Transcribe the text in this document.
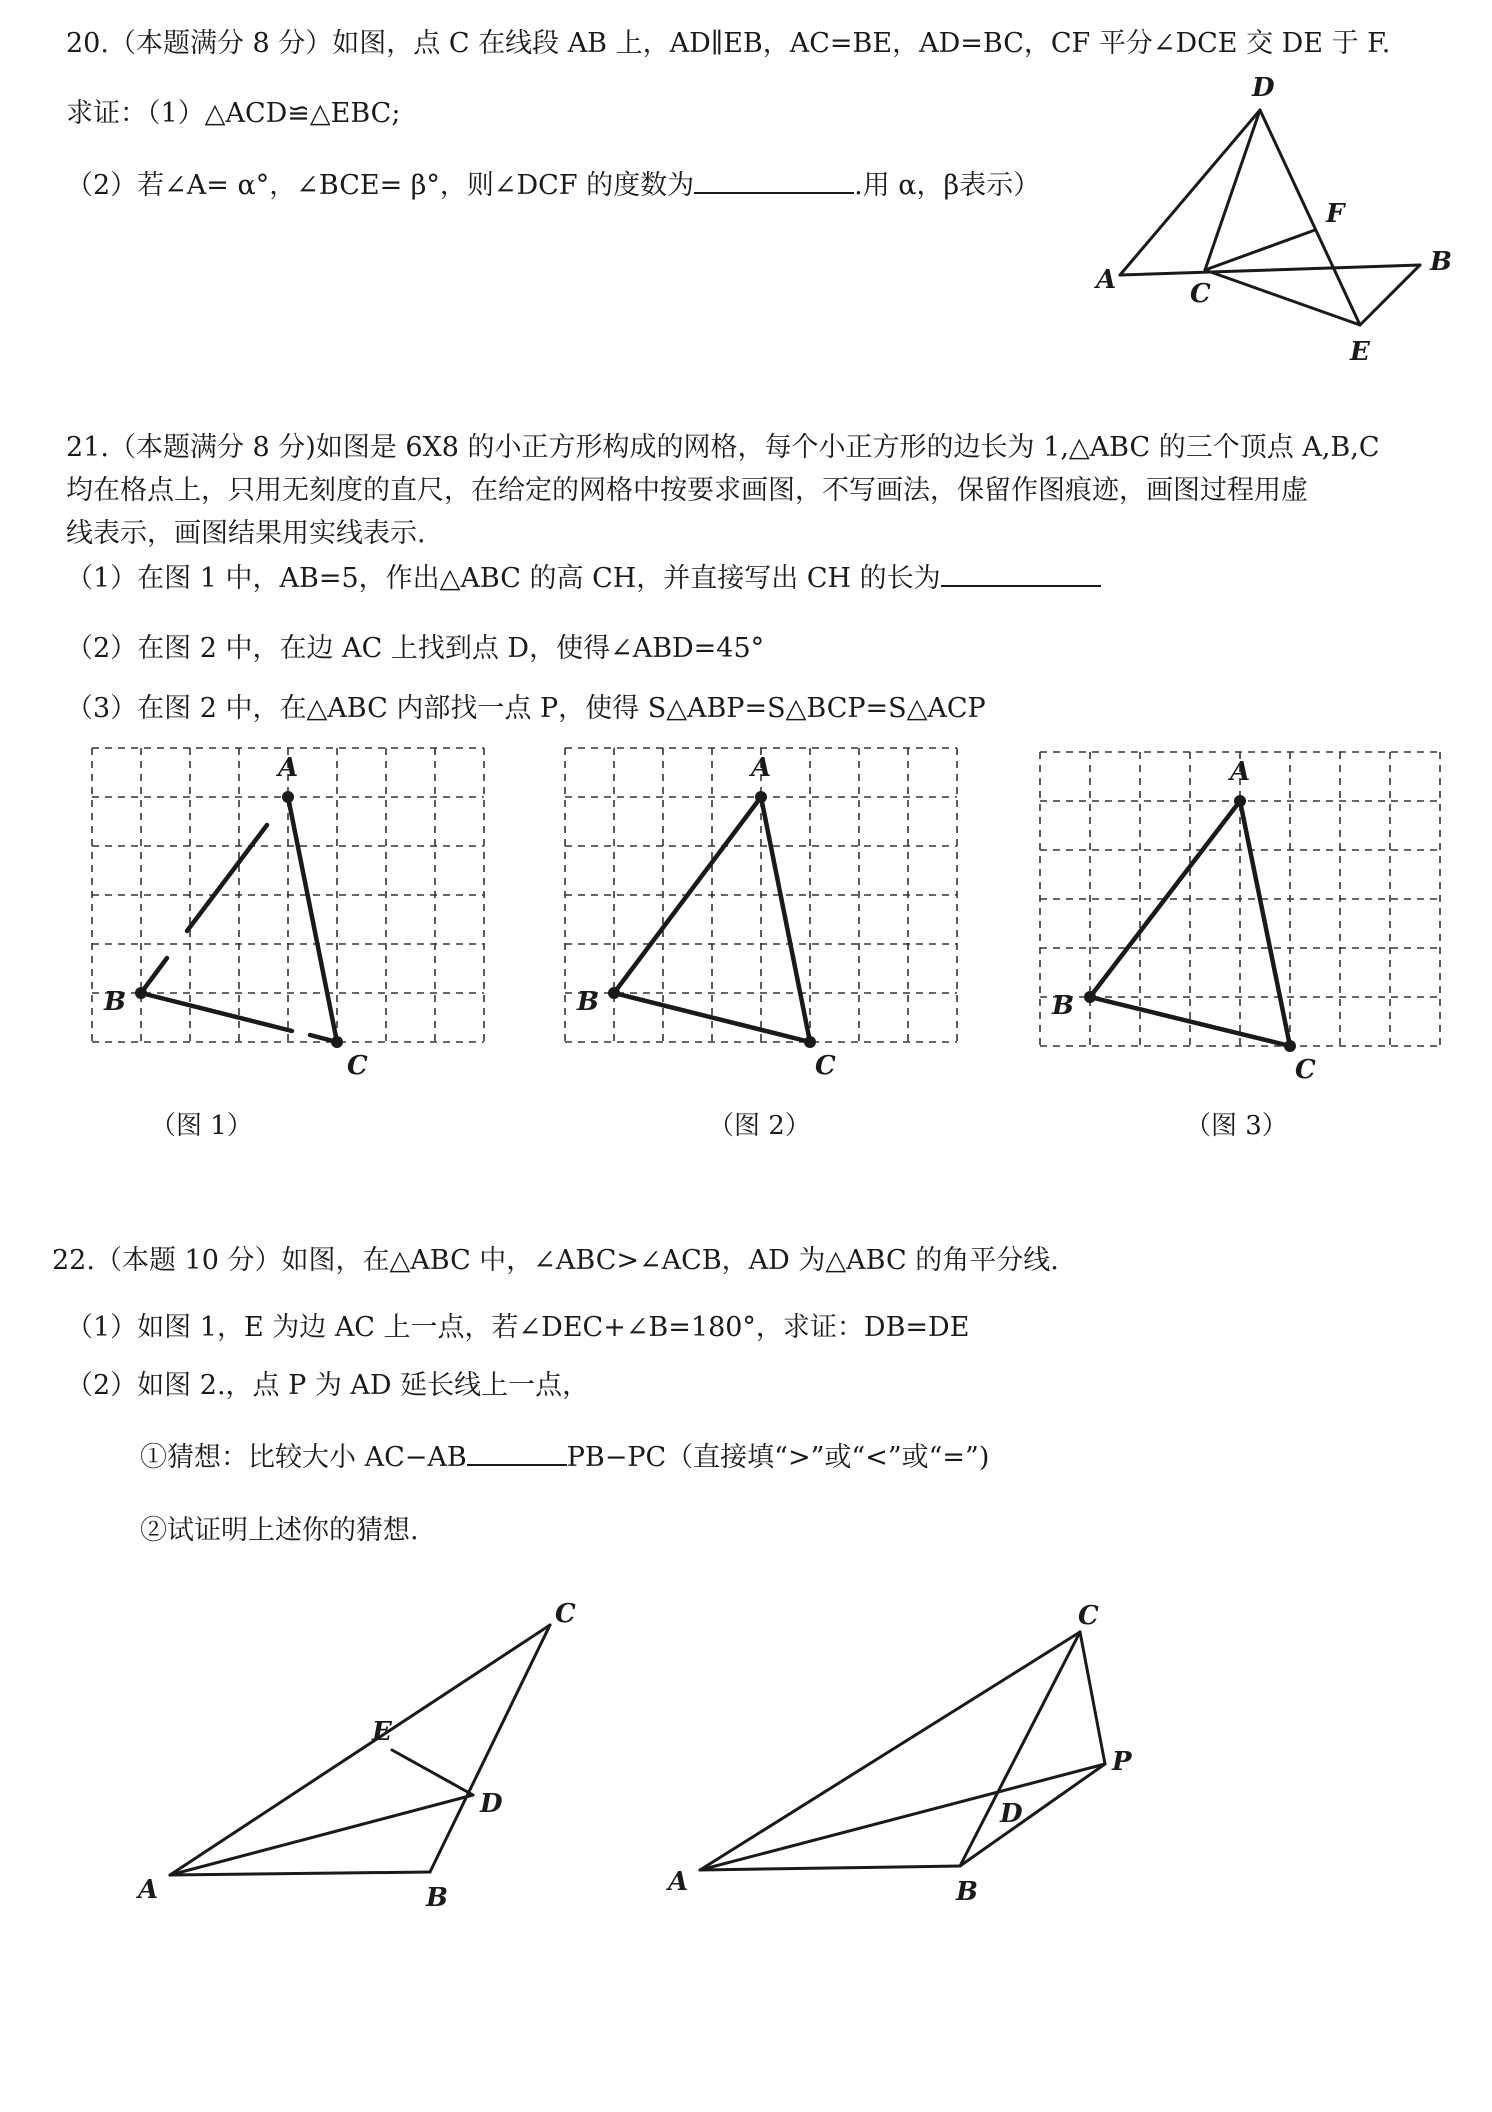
20.（本题满分 8 分）如图，点 C 在线段 AB 上，AD∥EB，AC=BE，AD=BC，CF 平分∠DCE 交 DE 于 F.
求证：（1）△ACD≌△EBC;
（2）若∠A= α°，∠BCE= β°，则∠DCF 的度数为	.用 α，β表示）
A
B
C
D
E
F
21.（本题满分 8 分)如图是 6X8 的小正方形构成的网格，每个小正方形的边长为 1,△ABC 的三个顶点 A,B,C
均在格点上，只用无刻度的直尺，在给定的网格中按要求画图，不写画法，保留作图痕迹，画图过程用虚
线表示，画图结果用实线表示.
（1）在图 1 中，AB=5，作出△ABC 的高 CH，并直接写出 CH 的长为
（2）在图 2 中，在边 AC 上找到点 D，使得∠ABD=45°
（3）在图 2 中，在△ABC 内部找一点 P，使得 S△ABP=S△BCP=S△ACP
A
B
C
A
B
C
A
B
C
（图 1）	（图 2）	（图 3）
22.（本题 10 分）如图，在△ABC 中，∠ABC>∠ACB，AD 为△ABC 的角平分线.
（1）如图 1，E 为边 AC 上一点，若∠DEC+∠B=180°，求证：DB=DE
（2）如图 2.，点 P 为 AD 延长线上一点，
①猜想：比较大小 AC−AB	PB−PC（直接填“>”或“<”或“=”)
②试证明上述你的猜想.
A	B
C
D
E
A	B
C
D
P
